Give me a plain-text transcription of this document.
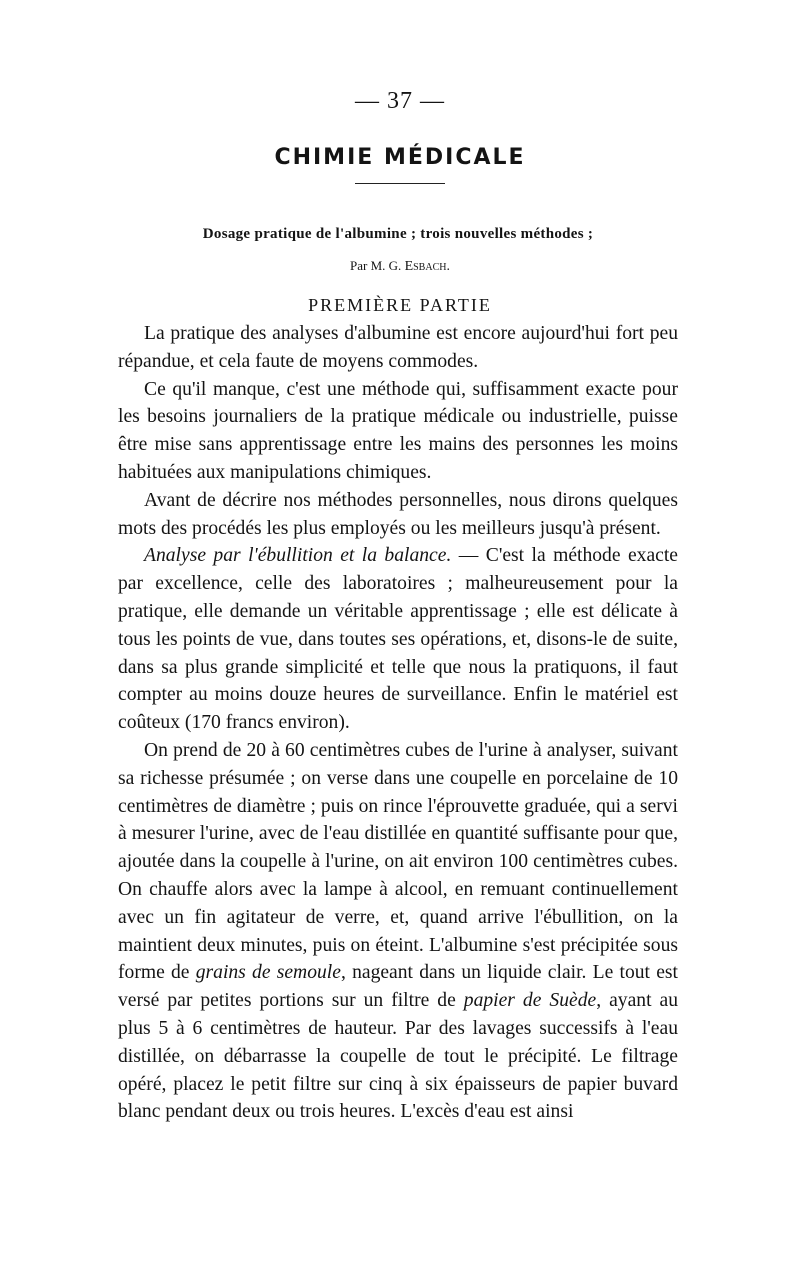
— 37 —
CHIMIE MÉDICALE
Dosage pratique de l'albumine ; trois nouvelles méthodes ;
Par M. G. Esbach.
PREMIÈRE PARTIE

La pratique des analyses d'albumine est encore aujourd'hui fort peu répandue, et cela faute de moyens commodes.

Ce qu'il manque, c'est une méthode qui, suffisamment exacte pour les besoins journaliers de la pratique médicale ou industrielle, puisse être mise sans apprentissage entre les mains des personnes les moins habituées aux manipulations chimiques.

Avant de décrire nos méthodes personnelles, nous dirons quelques mots des procédés les plus employés ou les meilleurs jusqu'à présent.

Analyse par l'ébullition et la balance. — C'est la méthode exacte par excellence, celle des laboratoires ; malheureusement pour la pratique, elle demande un véritable apprentissage ; elle est délicate à tous les points de vue, dans toutes ses opérations, et, disons-le de suite, dans sa plus grande simplicité et telle que nous la pratiquons, il faut compter au moins douze heures de surveillance. Enfin le matériel est coûteux (170 francs environ).

On prend de 20 à 60 centimètres cubes de l'urine à analyser, suivant sa richesse présumée ; on verse dans une coupelle en porcelaine de 10 centimètres de diamètre ; puis on rince l'éprouvette graduée, qui a servi à mesurer l'urine, avec de l'eau distillée en quantité suffisante pour que, ajoutée dans la coupelle à l'urine, on ait environ 100 centimètres cubes. On chauffe alors avec la lampe à alcool, en remuant continuellement avec un fin agitateur de verre, et, quand arrive l'ébullition, on la maintient deux minutes, puis on éteint. L'albumine s'est précipitée sous forme de grains de semoule, nageant dans un liquide clair. Le tout est versé par petites portions sur un filtre de papier de Suède, ayant au plus 5 à 6 centimètres de hauteur. Par des lavages successifs à l'eau distillée, on débarrasse la coupelle de tout le précipité. Le filtrage opéré, placez le petit filtre sur cinq à six épaisseurs de papier buvard blanc pendant deux ou trois heures. L'excès d'eau est ainsi
